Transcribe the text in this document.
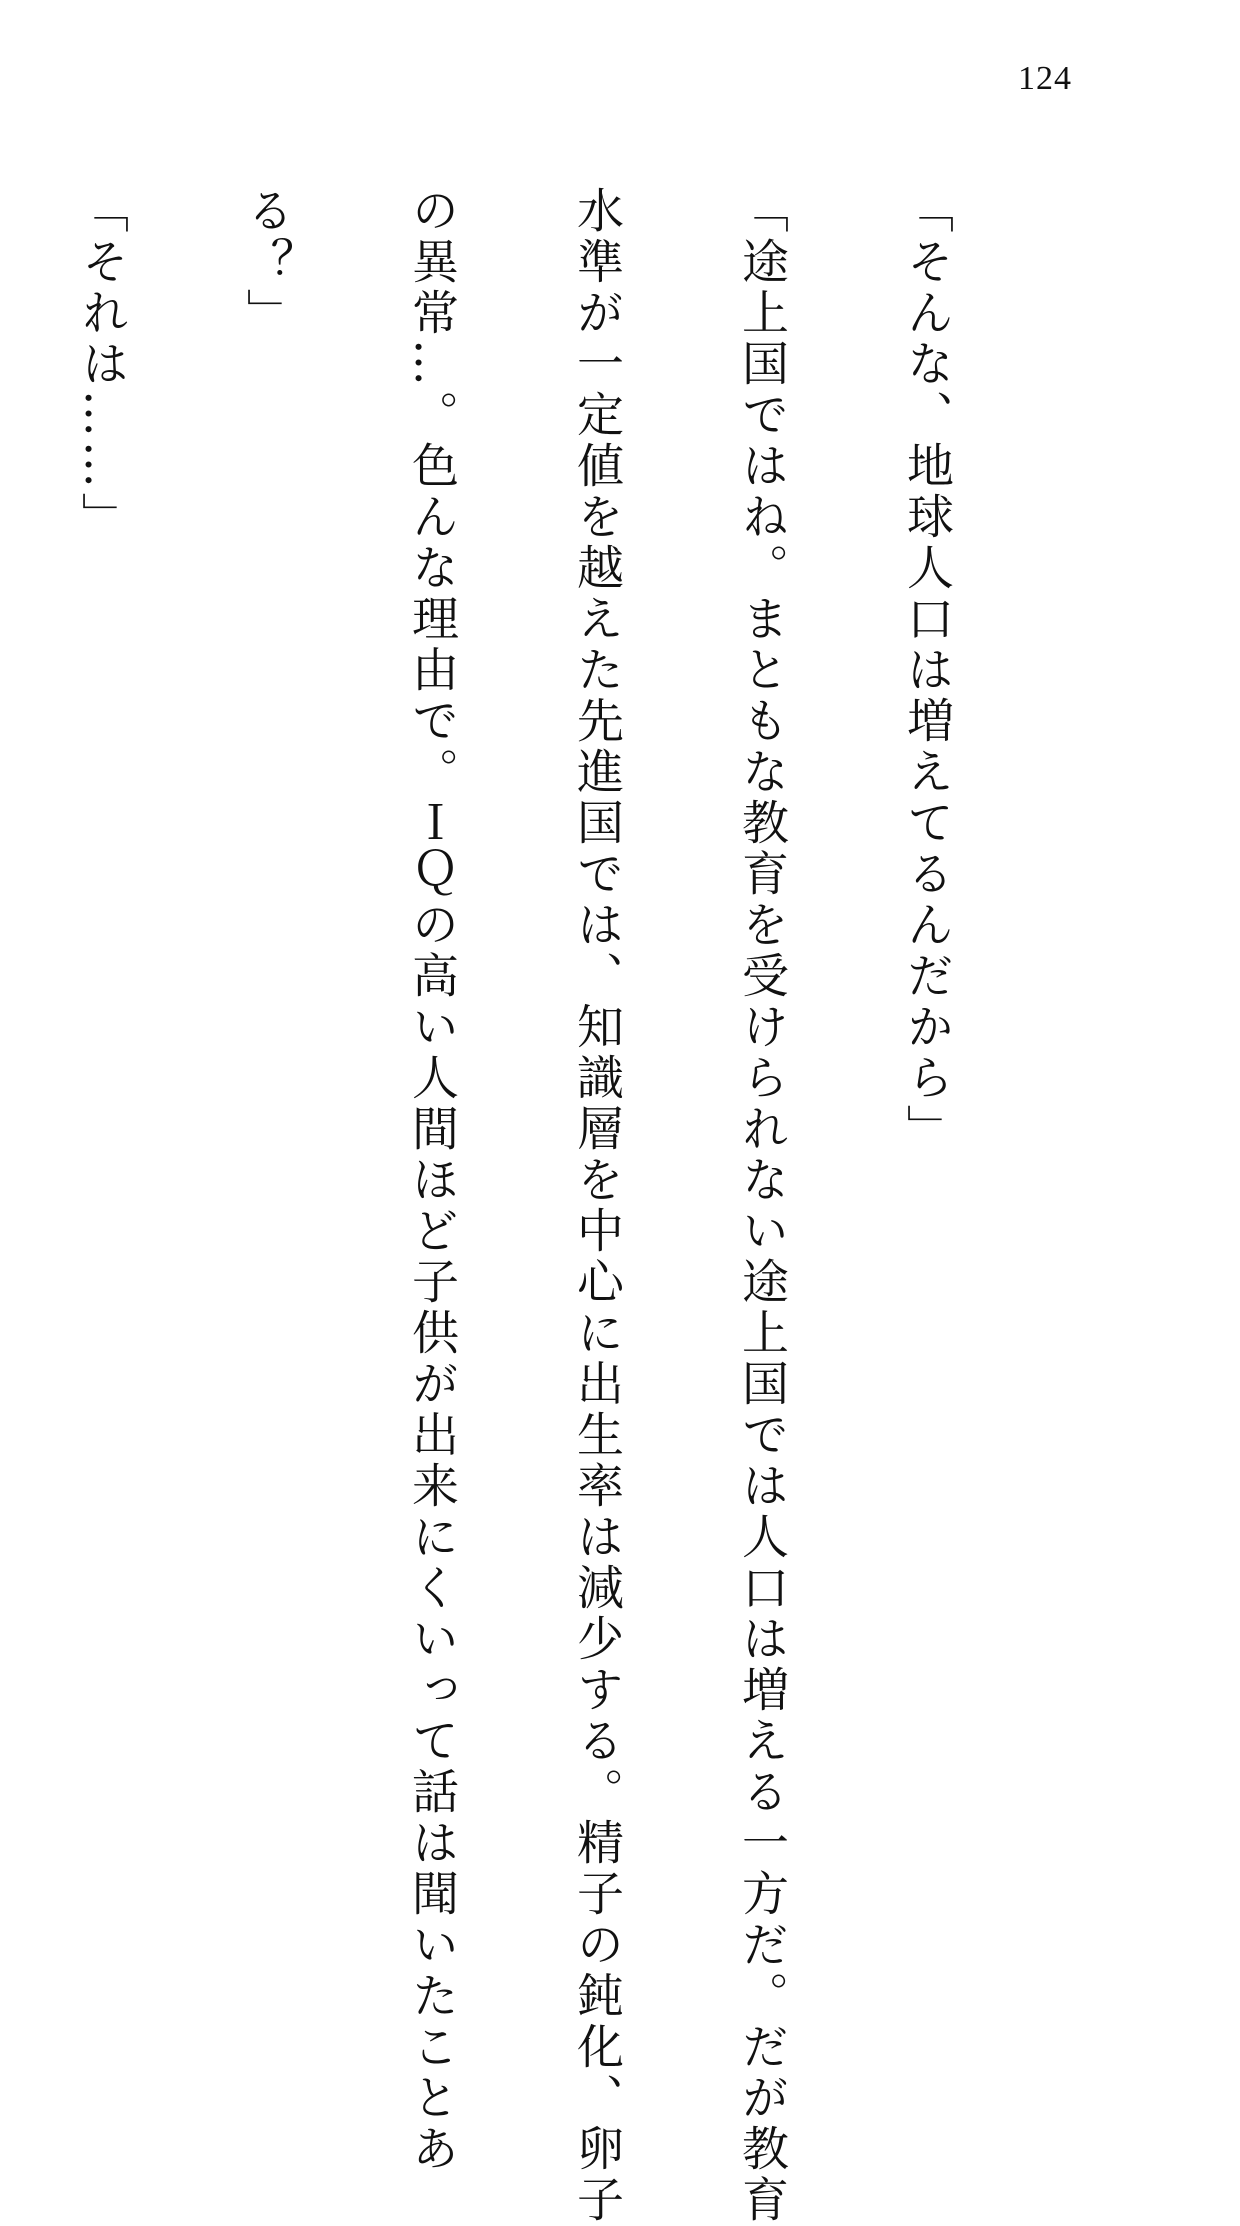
124

「そんな、地球人口は増えてるんだから」

「途上国ではね。まともな教育を受けられない途上国では人口は増える一方だ。だが教育

水準が一定値を越えた先進国では、知識層を中心に出生率は減少する。精子の鈍化、卵子

の異常…。色んな理由で。ＩＱの高い人間ほど子供が出来にくいって話は聞いたことあ

る？」

「それは……」
